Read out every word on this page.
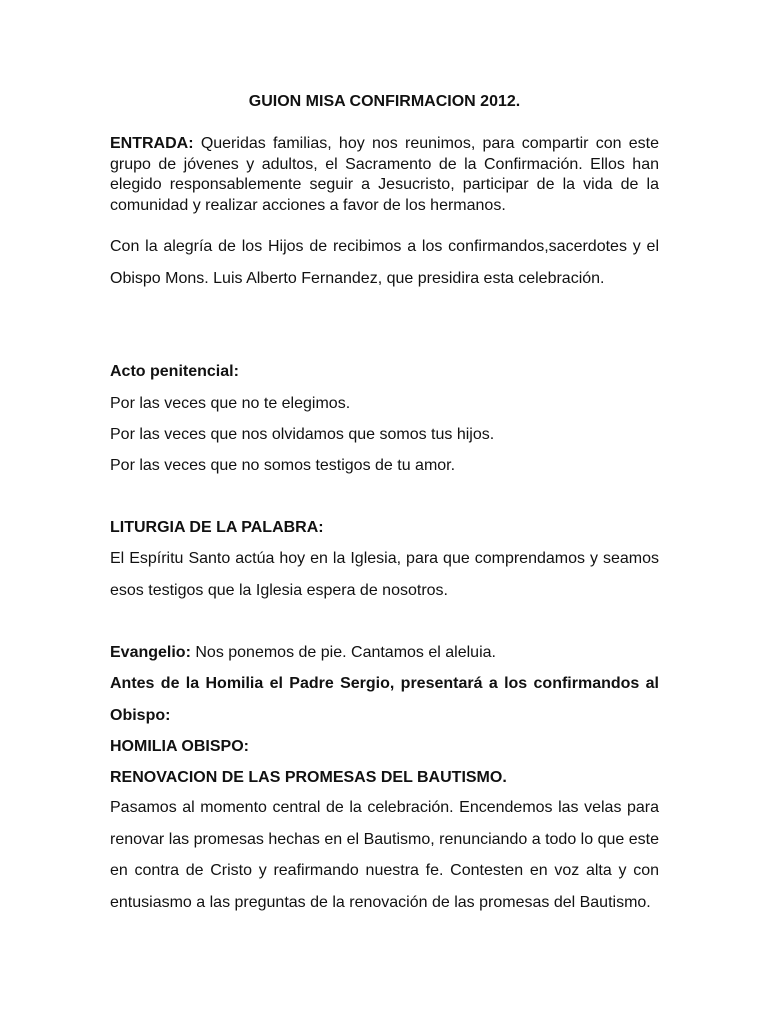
GUION MISA CONFIRMACION 2012.

ENTRADA: Queridas familias, hoy nos reunimos, para compartir con este grupo de jóvenes y adultos, el Sacramento de la Confirmación. Ellos han elegido responsablemente seguir a Jesucristo, participar de la vida de la comunidad y realizar acciones a favor de los hermanos.

Con la alegría de los Hijos de recibimos a los confirmandos,sacerdotes y el Obispo Mons. Luis Alberto Fernandez, que presidira esta celebración.

Acto penitencial:

Por las veces que no te elegimos.

Por las veces que nos olvidamos que somos tus hijos.

Por las veces que no somos testigos de tu amor.

LITURGIA DE LA PALABRA:

El Espíritu Santo actúa hoy en la Iglesia, para que comprendamos y seamos esos testigos que la Iglesia espera de nosotros.

Evangelio: Nos ponemos de pie. Cantamos el aleluia.

Antes de la Homilia el Padre Sergio, presentará a los confirmandos al Obispo:

HOMILIA OBISPO:

RENOVACION DE LAS PROMESAS DEL BAUTISMO.

Pasamos al momento central de la celebración. Encendemos las velas para renovar las promesas hechas en el Bautismo, renunciando a todo lo que este en contra de Cristo y reafirmando nuestra fe. Contesten en voz alta y con entusiasmo a las preguntas de la renovación de las promesas del Bautismo.
